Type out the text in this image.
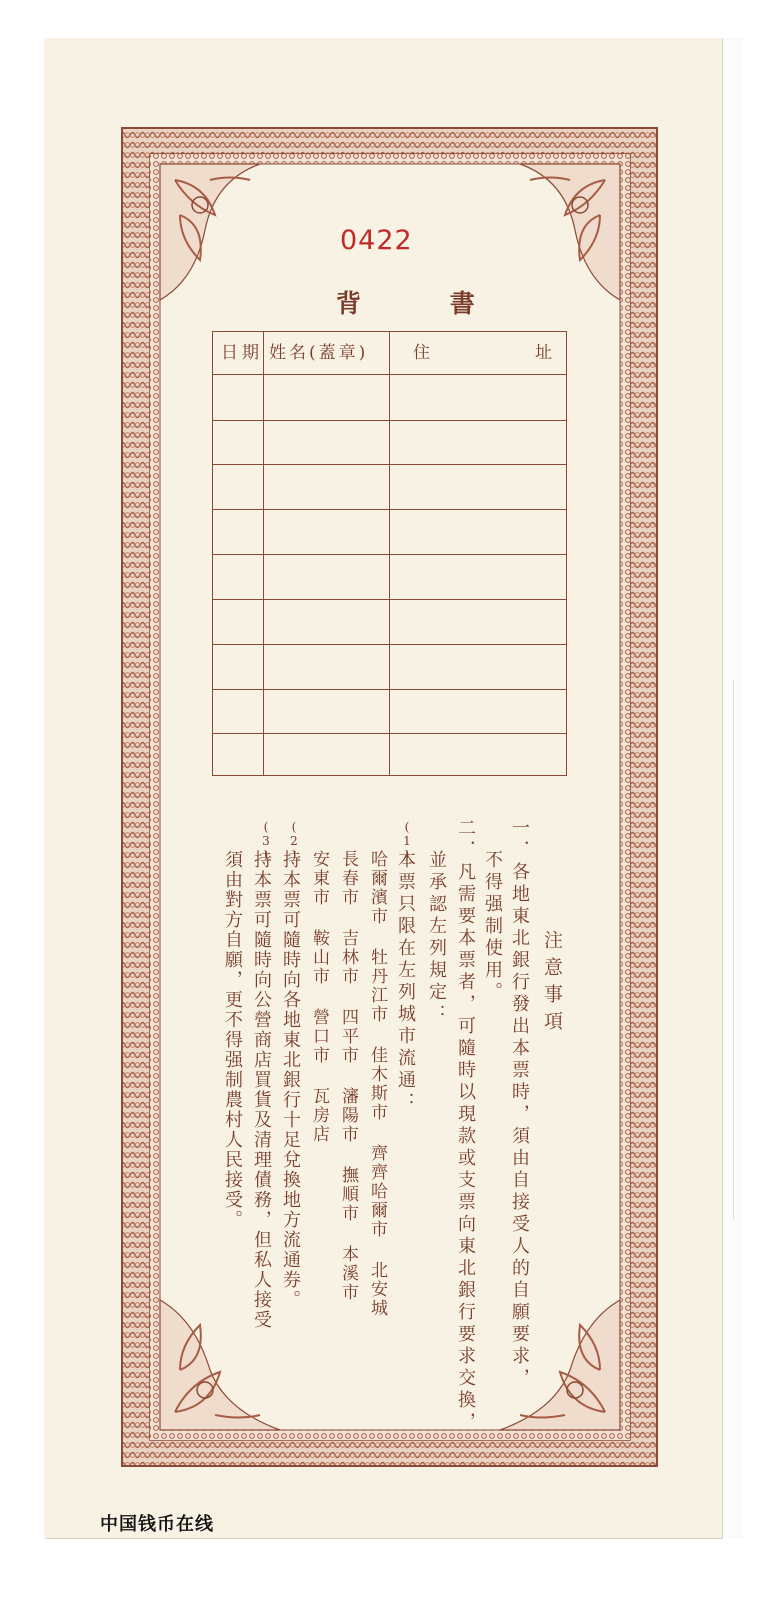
0422
背 書
日期 姓名(蓋章)	住	址
注意事項
一．各地東北銀行發出本票時，須由自接受人的自願要求，
不得强制使用。
二．凡需要本票者，可隨時以現款或支票向東北銀行要求交換，
並承認左列規定：
(1)
本票只限在左列城市流通：
哈爾濱市 牡丹江市 佳木斯市 齊齊哈爾市 北安城
長春市 吉林市 四平市 瀋陽市 撫順市 本溪市
安東市 鞍山市 營口市 瓦房店
(2)
持本票可隨時向各地東北銀行十足兌換地方流通券。
(3)
持本票可隨時向公營商店買貨及清理債務，但私人接受
須由對方自願，更不得强制農村人民接受。
中国钱币在线
